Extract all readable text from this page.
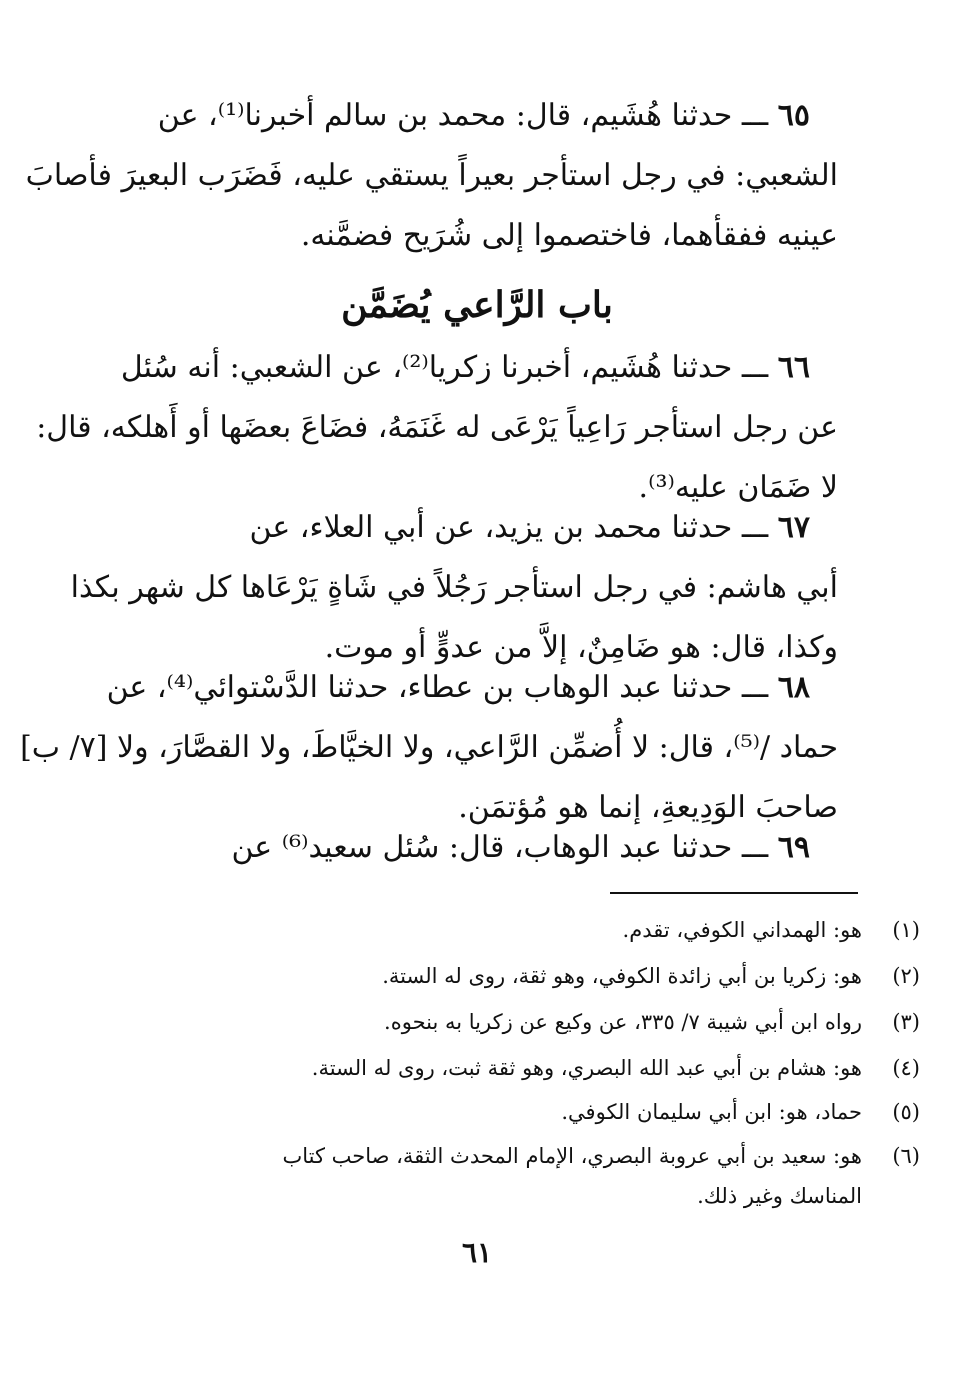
٦٥ ـــ حدثنا هُشَيم، قال: محمد بن سالم أخبرنا⁽¹⁾، عن
الشعبي: في رجل استأجر بعيراً يستقي عليه، فَضَرَب البعيرَ فأصابَ
عينيه ففقأهما، فاختصموا إلى شُرَيح فضمَّنه.
باب الرَّاعي يُضَمَّن
٦٦ ـــ حدثنا هُشَيم، أخبرنا زكريا⁽²⁾، عن الشعبي: أنه سُئل
عن رجل استأجر رَاعِياً يَرْعَى له غَنَمَهُ، فضَاعَ بعضَها أو أَهلكه، قال:
لا ضَمَان عليه⁽³⁾.
٦٧ ـــ حدثنا محمد بن يزيد، عن أبي العلاء، عن
أبي هاشم: في رجل استأجر رَجُلاً في شَاةٍ يَرْعَاها كل شهر بكذا
وكذا، قال: هو ضَامِنٌ، إلاَّ من عدوٍّ أو موت.
٦٨ ـــ حدثنا عبد الوهاب بن عطاء، حدثنا الدَّسْتوائي⁽⁴⁾، عن
حماد /⁽⁵⁾، قال: لا أُضمِّن الرَّاعي، ولا الخيَّاطَ، ولا القصَّارَ، ولا [٧/ ب]
صاحبَ الوَدِيعةِ، إنما هو مُؤتمَن.
٦٩ ـــ حدثنا عبد الوهاب، قال: سُئل سعيد⁽⁶⁾ عن
(١)
هو: الهمداني الكوفي، تقدم.
(٢)
هو: زكريا بن أبي زائدة الكوفي، وهو ثقة، روى له الستة.
(٣)
رواه ابن أبي شيبة ٧/ ٣٣٥، عن وكيع عن زكريا به بنحوه.
(٤)
هو: هشام بن أبي عبد الله البصري، وهو ثقة ثبت، روى له الستة.
(٥)
حماد، هو: ابن أبي سليمان الكوفي.
(٦)
هو: سعيد بن أبي عروبة البصري، الإمام المحدث الثقة، صاحب كتاب
المناسك وغير ذلك.
٦١
